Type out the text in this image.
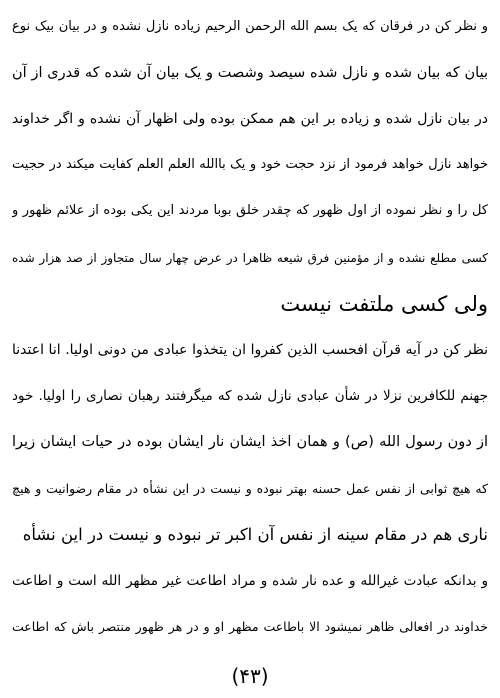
و نظر کن در فرقان که یک بسم الله الرحمن الرحیم زیاده نازل نشده و در بیان بیک نوع
بیان که بیان شده و نازل شده سیصد وشصت و یک بیان آن شده که قدری از آن
در بیان نازل شده و زیاده بر این هم ممکن بوده ولی اظهار آن نشده و اگر خداوند
خواهد نازل خواهد فرمود از نزد حجت خود و یک باالله العلم العلم کفایت میکند در حجیت
کل را و نظر نموده از اول ظهور که چقدر خلق بوبا مردند این یکی بوده از علائم ظهور و
کسی مطلع نشده و از مؤمنین فرق شیعه ظاهرا در عرض چهار سال متجاوز از صد هزار شده
ولی کسی ملتفت نیست
نظر کن در آیه قرآن افحسب الذین کفروا ان یتخذوا عبادی من دونی اولیا. انا اعتدنا
جهنم للکافرین نزلا در شأن عبادی نازل شده که میگرفتند رهبان نصاری را اولیا. خود
از دون رسول الله (ص) و همان اخذ ایشان نار ایشان بوده در حیات ایشان زیرا
که هیچ ثوابی از نفس عمل حسنه بهتر نبوده و نیست در این نشأه در مقام رضوانیت و هیچ
ناری هم در مقام سینه از نفس آن اکبر تر نبوده و نیست در این نشأه
و بدانکه عبادت غیرالله و عده نار شده و مراد اطاعت غیر مظهر الله است و اطاعت
خداوند در افعالی ظاهر نمیشود الا باطاعت مظهر او و در هر ظهور منتصر باش که اطاعت
(۴۳)
